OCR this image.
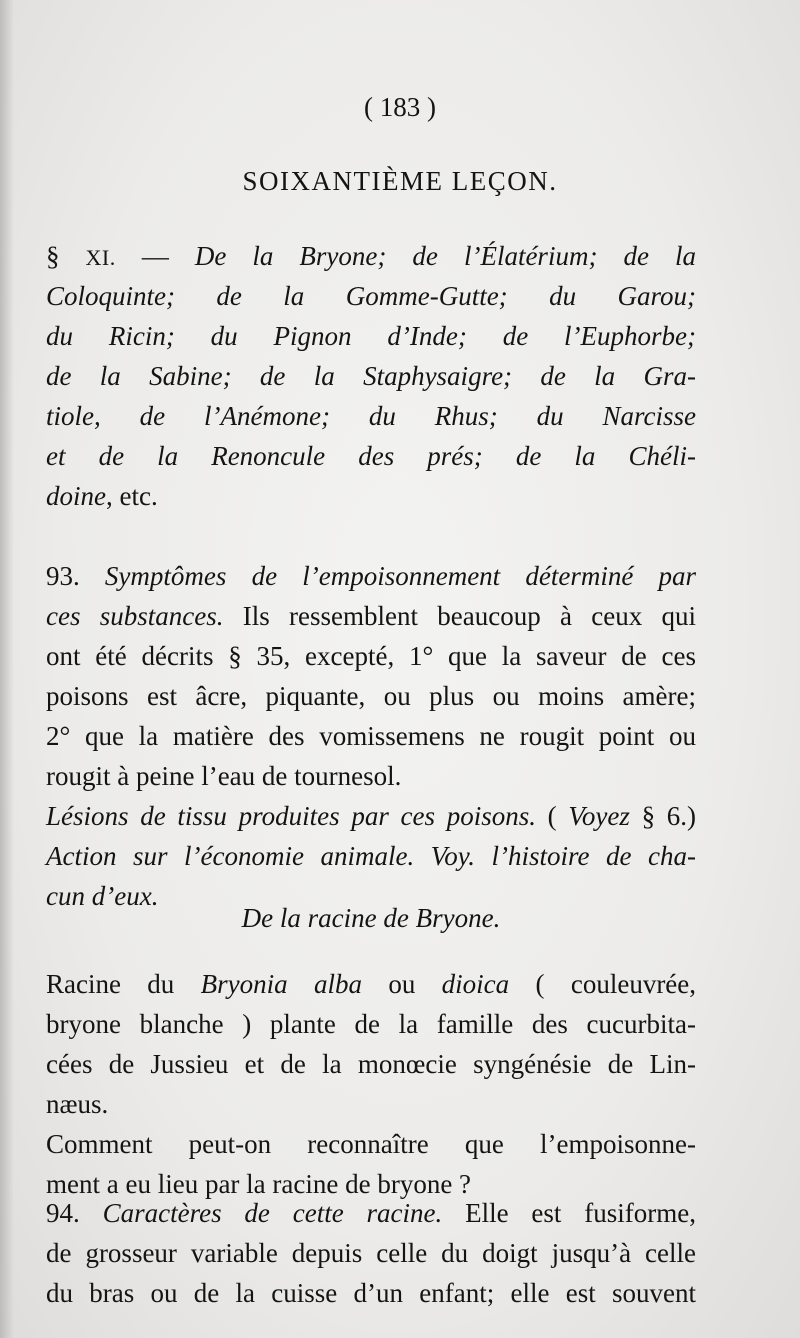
( 183 )
SOIXANTIÈME LEÇON.
§ XI. — De la Bryone; de l’Élatérium; de la
Coloquinte; de la Gomme-Gutte; du Garou;
du Ricin; du Pignon d’Inde; de l’Euphorbe;
de la Sabine; de la Staphysaigre; de la Gra-
tiole, de l’Anémone; du Rhus; du Narcisse
et de la Renoncule des prés; de la Chéli-
doine, etc.
93. Symptômes de l’empoisonnement déterminé par
ces substances. Ils ressemblent beaucoup à ceux qui
ont été décrits § 35, excepté, 1° que la saveur de ces
poisons est âcre, piquante, ou plus ou moins amère;
2° que la matière des vomissemens ne rougit point ou
rougit à peine l’eau de tournesol.
Lésions de tissu produites par ces poisons. ( Voyez § 6.)
Action sur l’économie animale. Voy. l’histoire de cha-
cun d’eux.
De la racine de Bryone.
Racine du Bryonia alba ou dioica ( couleuvrée,
bryone blanche ) plante de la famille des cucurbita-
cées de Jussieu et de la monœcie syngénésie de Lin-
næus.
Comment peut-on reconnaître que l’empoisonne-
ment a eu lieu par la racine de bryone ?
94. Caractères de cette racine. Elle est fusiforme,
de grosseur variable depuis celle du doigt jusqu’à celle
du bras ou de la cuisse d’un enfant; elle est souvent
